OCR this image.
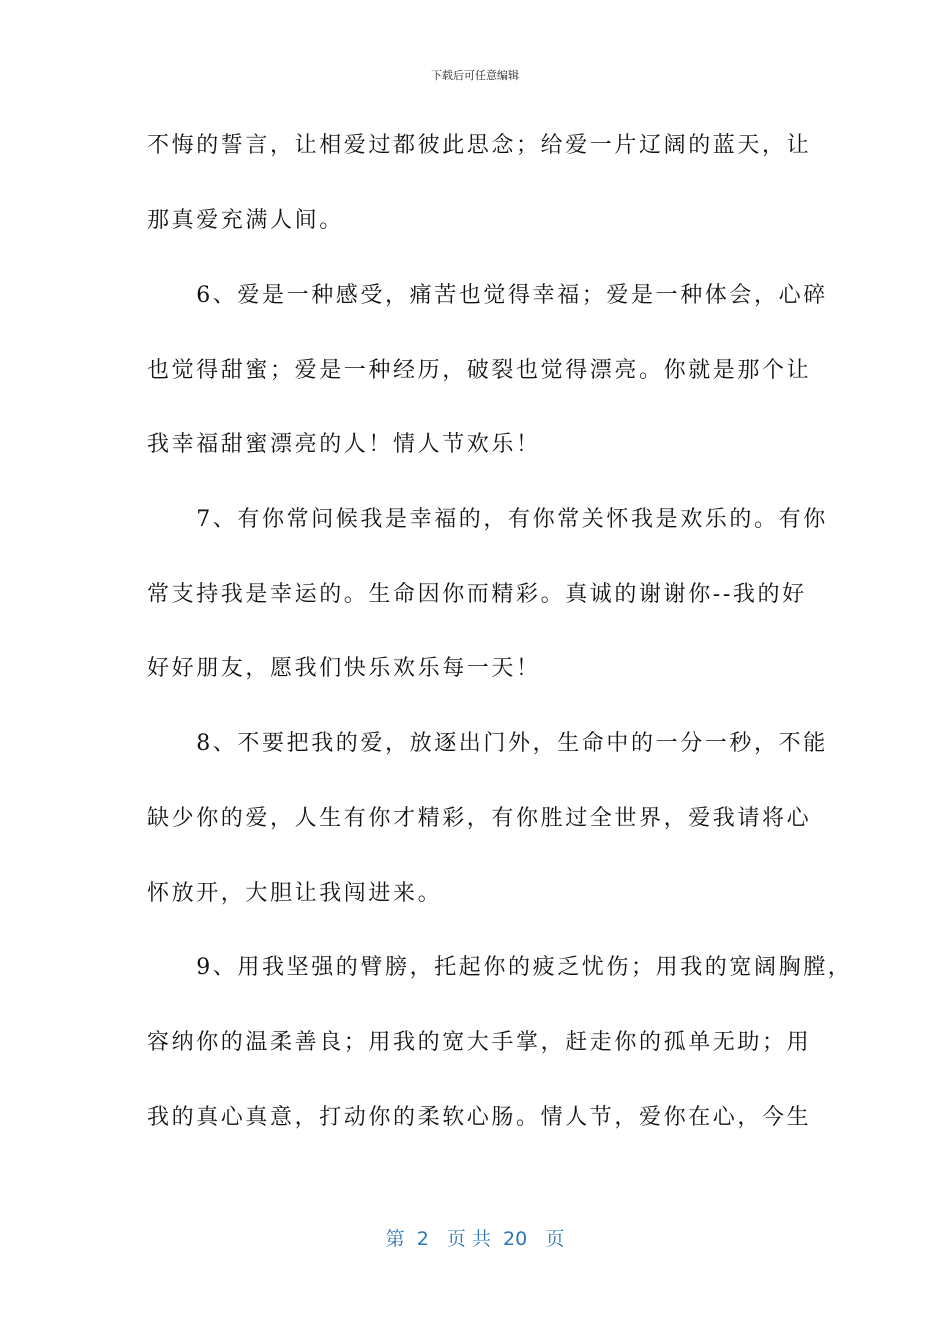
下载后可任意编辑
不悔的誓言，让相爱过都彼此思念；给爱一片辽阔的蓝天，让
那真爱充满人间。
　　6、爱是一种感受，痛苦也觉得幸福；爱是一种体会，心碎
也觉得甜蜜；爱是一种经历，破裂也觉得漂亮。你就是那个让
我幸福甜蜜漂亮的人！情人节欢乐！
　　7、有你常问候我是幸福的，有你常关怀我是欢乐的。有你
常支持我是幸运的。生命因你而精彩。真诚的谢谢你--我的好
好好朋友，愿我们快乐欢乐每一天！
　　8、不要把我的爱，放逐出门外，生命中的一分一秒，不能
缺少你的爱，人生有你才精彩，有你胜过全世界，爱我请将心
怀放开，大胆让我闯进来。
　　9、用我坚强的臂膀，托起你的疲乏忧伤；用我的宽阔胸膛，
容纳你的温柔善良；用我的宽大手掌，赶走你的孤单无助；用
我的真心真意，打动你的柔软心肠。情人节，爱你在心，今生
第  2   页 共  20   页
